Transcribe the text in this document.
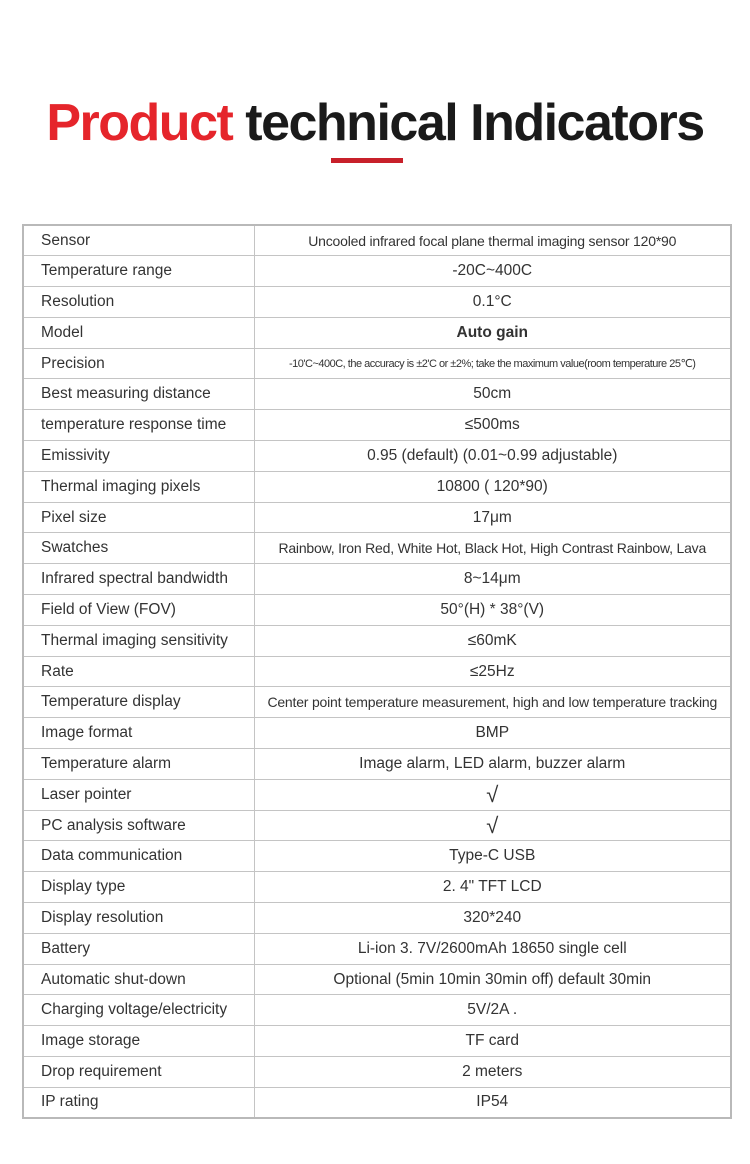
Product technical Indicators
Sensor	Uncooled infrared focal plane thermal imaging sensor 120*90
Temperature range	-20C~400C
Resolution	0.1°C
Model	Auto gain
Precision	-10'C~400C, the accuracy is ±2'C or ±2%; take the maximum value(room temperature 25℃)
Best measuring distance	50cm
temperature response time	≤500ms
Emissivity	0.95 (default) (0.01~0.99 adjustable)
Thermal imaging pixels	10800 ( 120*90)
Pixel size	17μm
Swatches	Rainbow, Iron Red, White Hot, Black Hot, High Contrast Rainbow, Lava
Infrared spectral bandwidth	8~14μm
Field of View (FOV)	50°(H) * 38°(V)
Thermal imaging sensitivity	≤60mK
Rate	≤25Hz
Temperature display	Center point temperature measurement, high and low temperature tracking
Image format	BMP
Temperature alarm	Image alarm, LED alarm, buzzer alarm
Laser pointer	√
PC analysis software	√
Data communication	Type-C USB
Display type	2. 4" TFT LCD
Display resolution	320*240
Battery	Li-ion 3. 7V/2600mAh 18650 single cell
Automatic shut-down	Optional (5min 10min 30min off) default 30min
Charging voltage/electricity	5V/2A .
Image storage	TF card
Drop requirement	2 meters
IP rating	IP54
